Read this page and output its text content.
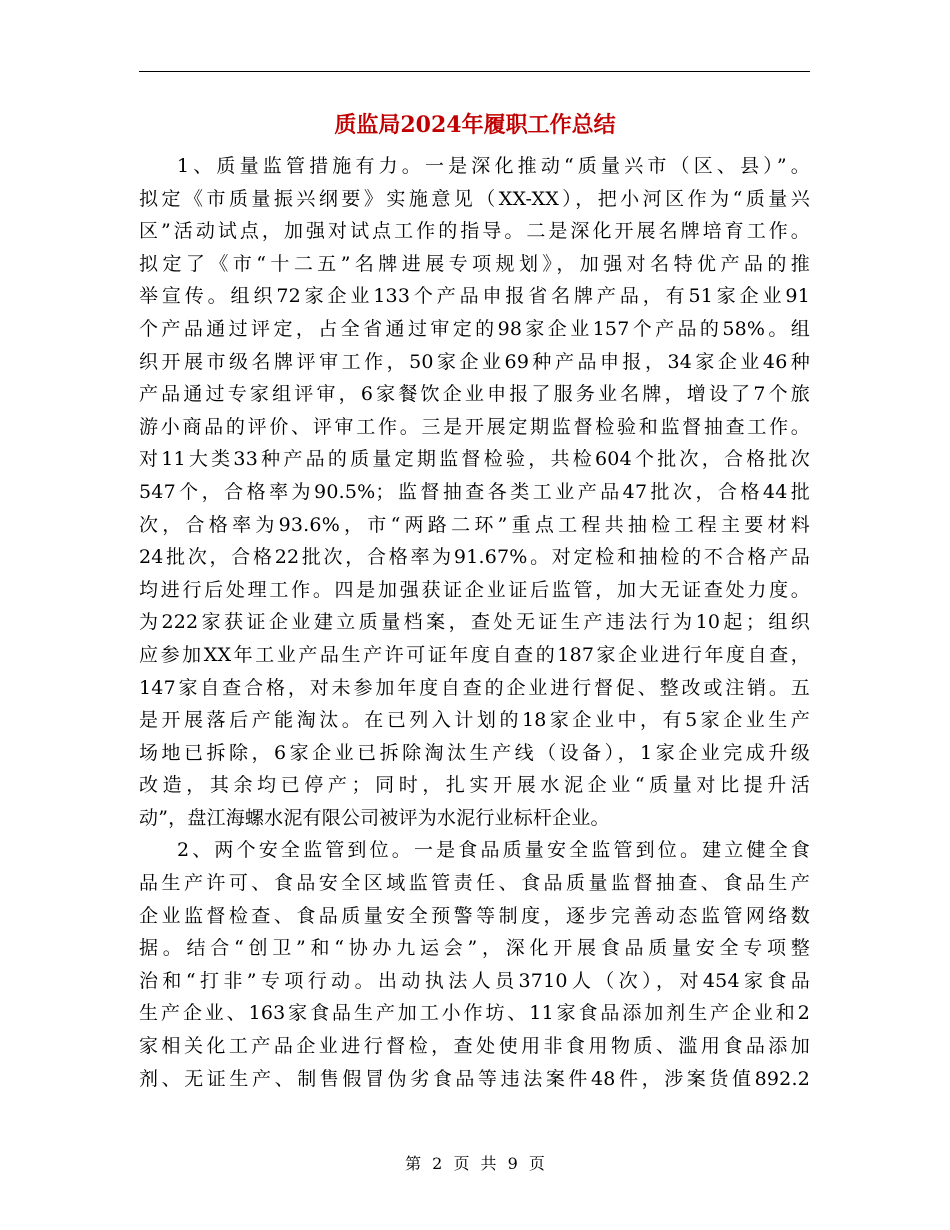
质监局2024年履职工作总结
1、质量监管措施有力。一是深化推动“质量兴市（区、县）”。
拟定《市质量振兴纲要》实施意见（XX-XX），把小河区作为“质量兴
区”活动试点，加强对试点工作的指导。二是深化开展名牌培育工作。
拟定了《市“十二五”名牌进展专项规划》，加强对名特优产品的推
举宣传。组织72家企业133个产品申报省名牌产品，有51家企业91
个产品通过评定，占全省通过审定的98家企业157个产品的58%。组
织开展市级名牌评审工作，50家企业69种产品申报，34家企业46种
产品通过专家组评审，6家餐饮企业申报了服务业名牌，增设了7个旅
游小商品的评价、评审工作。三是开展定期监督检验和监督抽查工作。
对11大类33种产品的质量定期监督检验，共检604个批次，合格批次
547个，合格率为90.5%；监督抽查各类工业产品47批次，合格44批
次，合格率为93.6%，市“两路二环”重点工程共抽检工程主要材料
24批次，合格22批次，合格率为91.67%。对定检和抽检的不合格产品
均进行后处理工作。四是加强获证企业证后监管，加大无证查处力度。
为222家获证企业建立质量档案，查处无证生产违法行为10起；组织
应参加XX年工业产品生产许可证年度自查的187家企业进行年度自查，
147家自查合格，对未参加年度自查的企业进行督促、整改或注销。五
是开展落后产能淘汰。在已列入计划的18家企业中，有5家企业生产
场地已拆除，6家企业已拆除淘汰生产线（设备），1家企业完成升级
改造，其余均已停产；同时，扎实开展水泥企业“质量对比提升活
动”，盘江海螺水泥有限公司被评为水泥行业标杆企业。
2、两个安全监管到位。一是食品质量安全监管到位。建立健全食
品生产许可、食品安全区域监管责任、食品质量监督抽查、食品生产
企业监督检查、食品质量安全预警等制度，逐步完善动态监管网络数
据。结合“创卫”和“协办九运会”，深化开展食品质量安全专项整
治和“打非”专项行动。出动执法人员3710人（次），对454家食品
生产企业、163家食品生产加工小作坊、11家食品添加剂生产企业和2
家相关化工产品企业进行督检，查处使用非食用物质、滥用食品添加
剂、无证生产、制售假冒伪劣食品等违法案件48件，涉案货值892.2
第 2 页 共 9 页
